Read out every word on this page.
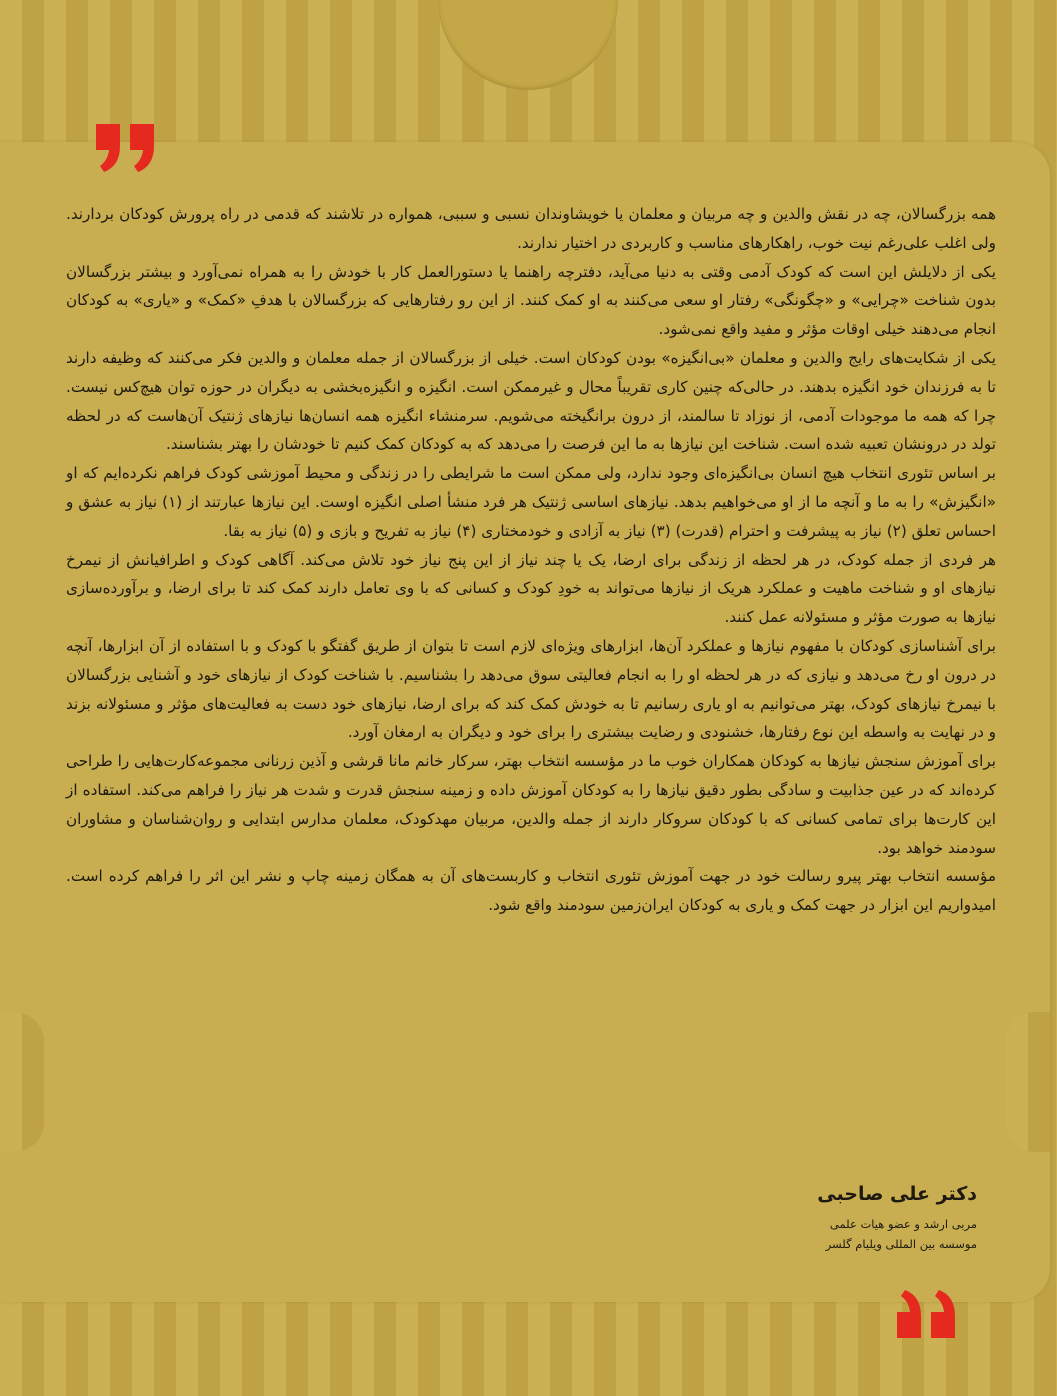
همه بزرگسالان، چه در نقش والدین و چه مربیان و معلمان یا خویشاوندان نسبی و سببی، همواره در تلاشند که قدمی در راه پرورش کودکان بردارند. ولی اغلب علی‌رغم نیت خوب، راهکارهای مناسب و کاربردی در اختیار ندارند.

یکی از دلایلش این است که کودک آدمی وقتی به دنیا می‌آید، دفترچه راهنما یا دستورالعمل کار با خودش را به همراه نمی‌آورد و بیشتر بزرگسالان بدون شناخت «چرایی» و «چگونگی» رفتار او سعی می‌کنند به او کمک کنند. از این رو رفتارهایی که بزرگسالان با هدفِ «کمک» و «یاری» به کودکان انجام می‌دهند خیلی اوقات مؤثر و مفید واقع نمی‌شود.

یکی از شکایت‌های رایج والدین و معلمان «بی‌انگیزه» بودن کودکان است. خیلی از بزرگسالان از جمله معلمان و والدین فکر می‌کنند که وظیفه دارند تا به فرزندان خود انگیزه بدهند. در حالی‌که چنین کاری تقریباً محال و غیرممکن است. انگیزه و انگیزه‌بخشی به دیگران در حوزه توان هیچ‌کس نیست. چرا که همه ما موجودات آدمی، از نوزاد تا سالمند، از درون برانگیخته می‌شویم. سرمنشاء انگیزه همه انسان‌ها نیازهای ژنتیک آن‌هاست که در لحظه تولد در درونشان تعبیه شده است. شناخت این نیازها به ما این فرصت را می‌دهد که به کودکان کمک کنیم تا خودشان را بهتر بشناسند.

بر اساس تئوری انتخاب هیچ انسان بی‌انگیزه‌ای وجود ندارد، ولی ممکن است ما شرایطی را در زندگی و محیط آموزشی کودک فراهم نکرده‌ایم که او «انگیزش» را به ما و آنچه ما از او می‌خواهیم بدهد. نیازهای اساسی ژنتیک هر فرد منشأ اصلی انگیزه اوست. این نیازها عبارتند از (۱) نیاز به عشق و احساس تعلق (۲) نیاز به پیشرفت و احترام (قدرت) (۳) نیاز به آزادی و خودمختاری (۴) نیاز به تفریح و بازی و (۵) نیاز به بقا.

هر فردی از جمله کودک، در هر لحظه از زندگی برای ارضا، یک یا چند نیاز از این پنج نیاز خود تلاش می‌کند. آگاهی کودک و اطرافیانش از نیمرخ نیازهای او و شناخت ماهیت و عملکرد هریک از نیازها می‌تواند به خودِ کودک و کسانی که با وی تعامل دارند کمک کند تا برای ارضا، و برآورده‌سازی نیازها به صورت مؤثر و مسئولانه عمل کنند.

برای آشناسازی کودکان با مفهوم نیازها و عملکرد آن‌ها، ابزارهای ویژه‌ای لازم است تا بتوان از طریق گفتگو با کودک و با استفاده از آن ابزارها، آنچه در درون او رخ می‌دهد و نیازی که در هر لحظه او را به انجام فعالیتی سوق می‌دهد را بشناسیم. با شناخت کودک از نیازهای خود و آشنایی بزرگسالان با نیمرخ نیازهای کودک، بهتر می‌توانیم به او یاری رسانیم تا به خودش کمک کند که برای ارضا، نیازهای خود دست به فعالیت‌های مؤثر و مسئولانه بزند و در نهایت به واسطه این نوع رفتارها، خشنودی و رضایت بیشتری را برای خود و دیگران به ارمغان آورد.

برای آموزش سنجش نیازها به کودکان همکاران خوب ما در مؤسسه انتخاب بهتر، سرکار خانم مانا قرشی و آذین زرنانی مجموعه‌کارت‌هایی را طراحی کرده‌اند که در عین جذابیت و سادگی بطور دقیق نیازها را به کودکان آموزش داده و زمینه سنجش قدرت و شدت هر نیاز را فراهم می‌کند. استفاده از این کارت‌ها برای تمامی کسانی که با کودکان سروکار دارند از جمله والدین، مربیان مهدکودک، معلمان مدارس ابتدایی و روان‌شناسان و مشاوران سودمند خواهد بود.

مؤسسه انتخاب بهتر پیرو رسالت خود در جهت آموزش تئوری انتخاب و کاربست‌های آن به همگان زمینه چاپ و نشر این اثر را فراهم کرده است. امیدواریم این ابزار در جهت کمک و یاری به کودکان ایران‌زمین سودمند واقع شود.

دکتر علی صاحبی

مربی ارشد و عضو هیات علمی

موسسه بین المللی ویلیام گلسر
